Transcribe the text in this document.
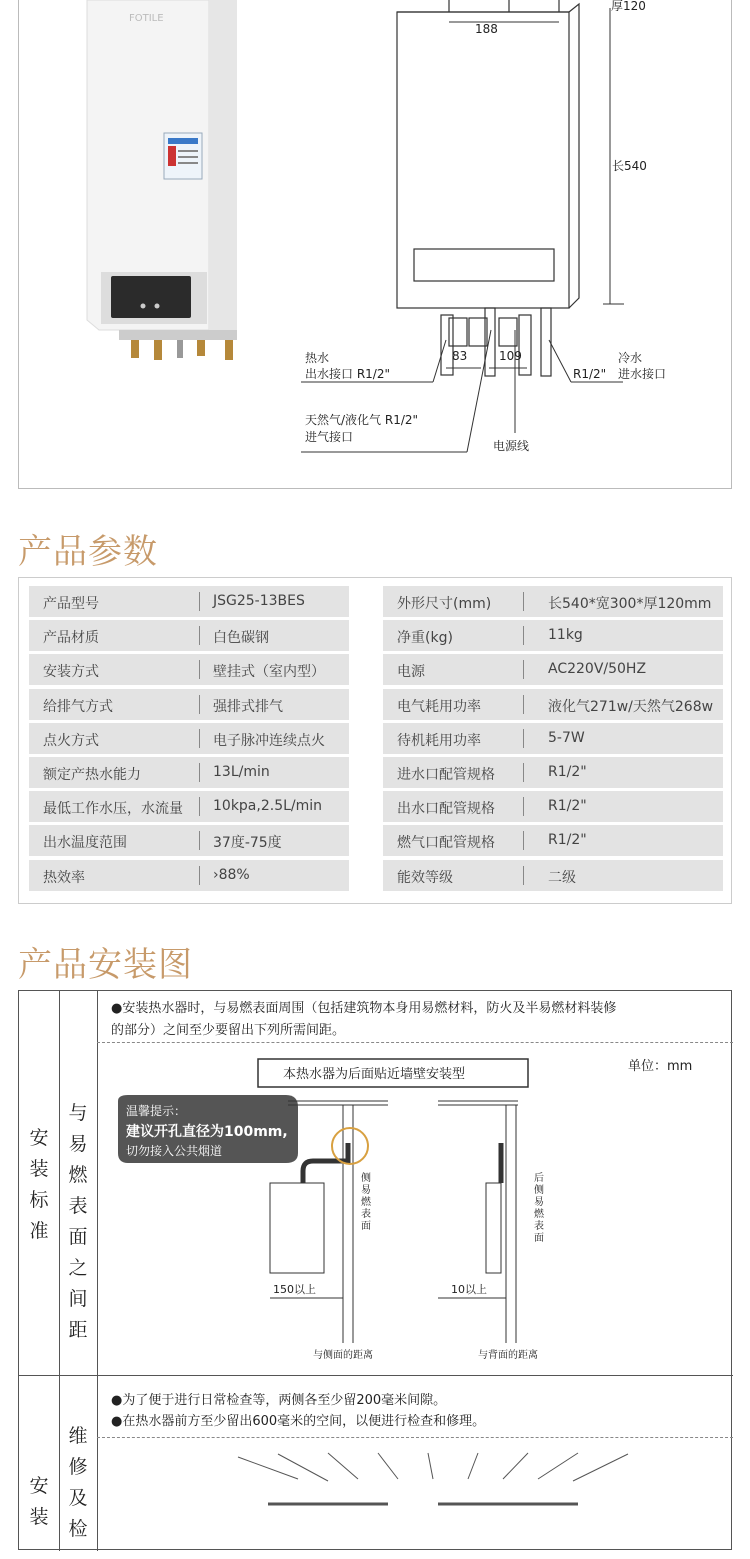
FOTILE
188
厚120
长540
83	109
热水
出水接口 R1/2"
冷水
R1/2" 进水接口
天然气/液化气 R1/2"
进气接口
电源线
产品参数
产品型号	JSG25-13BES
产品材质	白色碳钢
安装方式	壁挂式（室内型）
给排气方式	强排式排气
点火方式	电子脉冲连续点火
额定产热水能力	13L/min
最低工作水压，水流量 10kpa,2.5L/min
出水温度范围	37度-75度
热效率	›88%
外形尺寸(mm)	长540*宽300*厚120mm
净重(kg)	11kg
电源	AC220V/50HZ
电气耗用功率	液化气271w/天然气268w
待机耗用功率	5-7W
进水口配管规格	R1/2"
出水口配管规格	R1/2"
燃气口配管规格	R1/2"
能效等级	二级
产品安装图
安
装
标
准
与
易
燃
表
面
之
间
距
安
装
维
修
及
检
●安装热水器时，与易燃表面周围（包括建筑物本身用易燃材料，防火及半易燃材料装修
的部分）之间至少要留出下列所需间距。
●为了便于进行日常检查等，两侧各至少留200毫米间隙。
●在热水器前方至少留出600毫米的空间，以便进行检查和修理。
本热水器为后面贴近墙壁安装型
单位：mm
温馨提示：
建议开孔直径为100mm,
切勿接入公共烟道
侧
易
燃
表
面
150以上
与侧面的距离
后
侧
易
燃
表
面
10以上
与背面的距离
